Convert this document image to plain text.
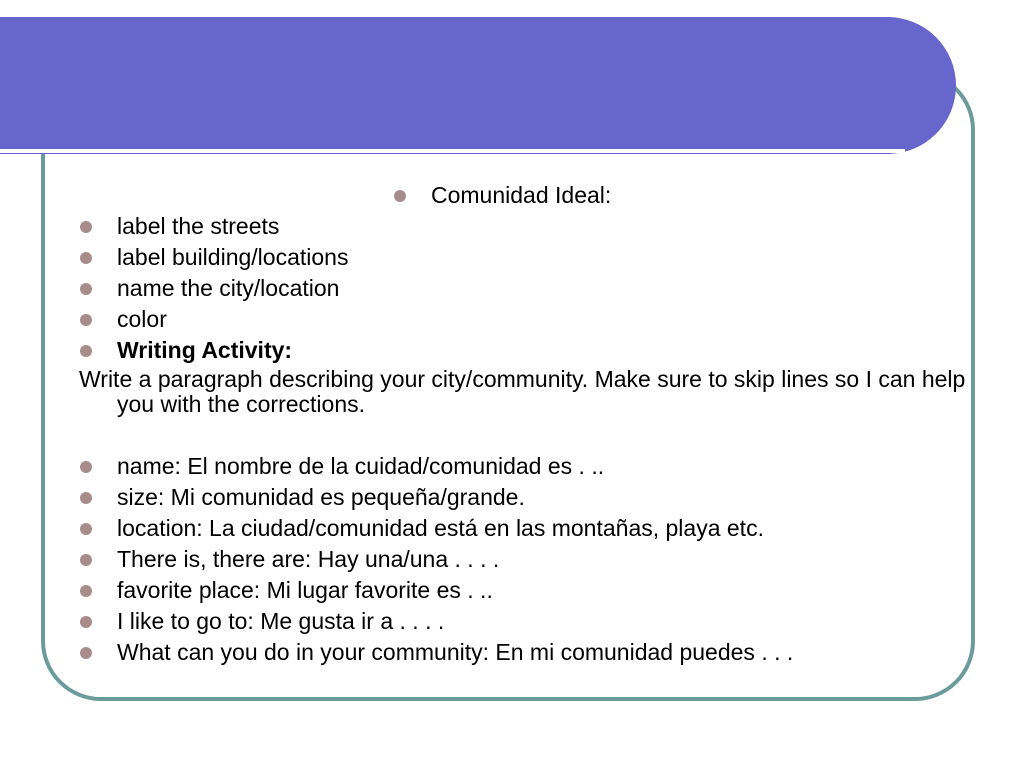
Comunidad Ideal:
label the streets
label building/locations
name the city/location
color
Writing Activity:
Write a paragraph describing your city/community. Make sure to skip lines so I can help you with the corrections.
name: El nombre de la cuidad/comunidad es . ..
size: Mi comunidad es pequeña/grande.
location: La ciudad/comunidad está en las montañas, playa etc.
There is, there are: Hay una/una . . . .
favorite place: Mi lugar favorite es . ..
I like to go to: Me gusta ir a . . . .
What can you do in your community: En mi comunidad puedes . . .
